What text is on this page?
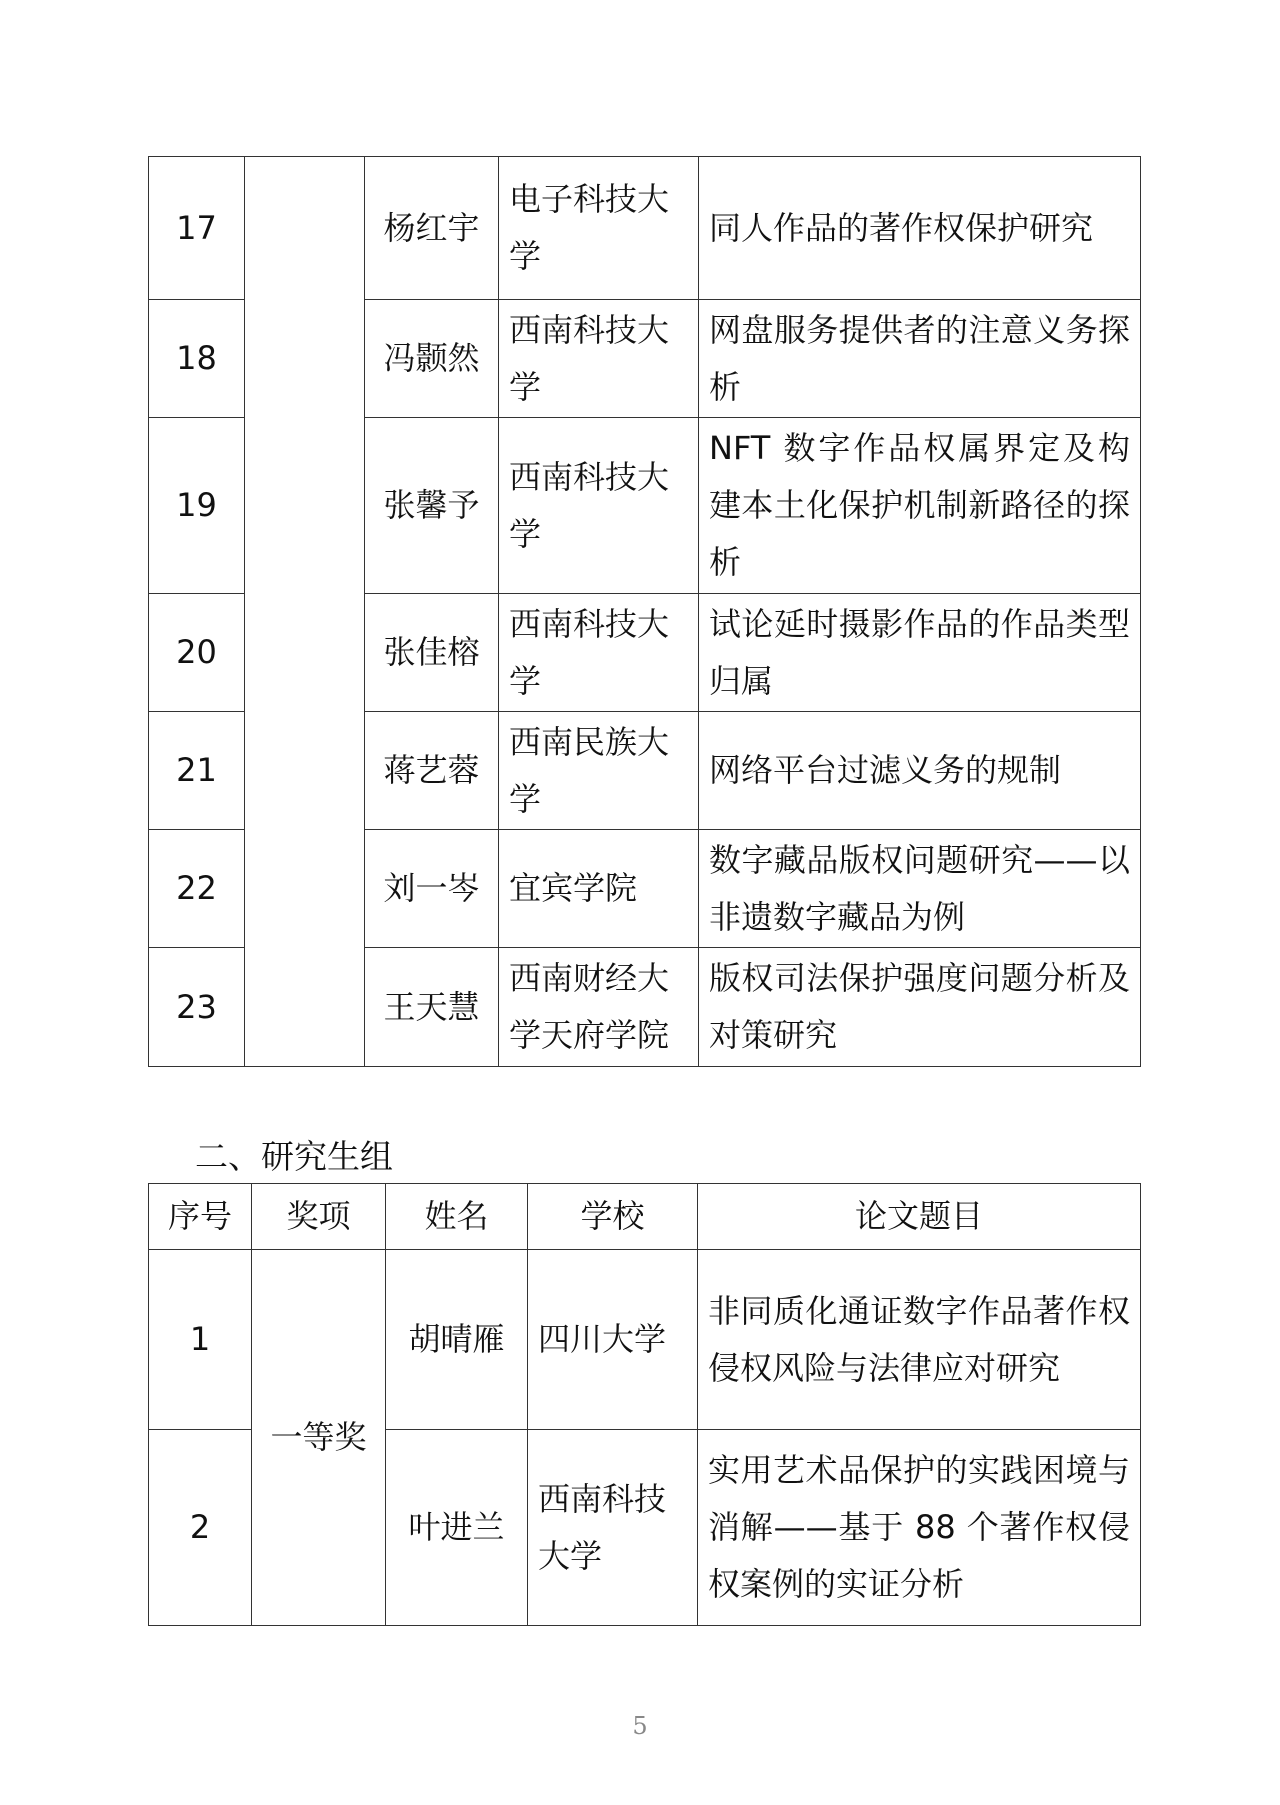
17		杨红宇	电子科技大学	同人作品的著作权保护研究
18		冯颢然	西南科技大学	网盘服务提供者的注意义务探析
19		张馨予	西南科技大学	NFT 数字作品权属界定及构建本土化保护机制新路径的探析
20		张佳榕	西南科技大学	试论延时摄影作品的作品类型归属
21		蒋艺蓉	西南民族大学	网络平台过滤义务的规制
22		刘一岑	宜宾学院	数字藏品版权问题研究——以非遗数字藏品为例
23		王天慧	西南财经大学天府学院	版权司法保护强度问题分析及对策研究
二、研究生组
序号	奖项	姓名	学校	论文题目
1	一等奖	胡晴雁	四川大学	非同质化通证数字作品著作权侵权风险与法律应对研究
2		叶进兰	西南科技大学	实用艺术品保护的实践困境与消解——基于 88 个著作权侵权案例的实证分析
5
